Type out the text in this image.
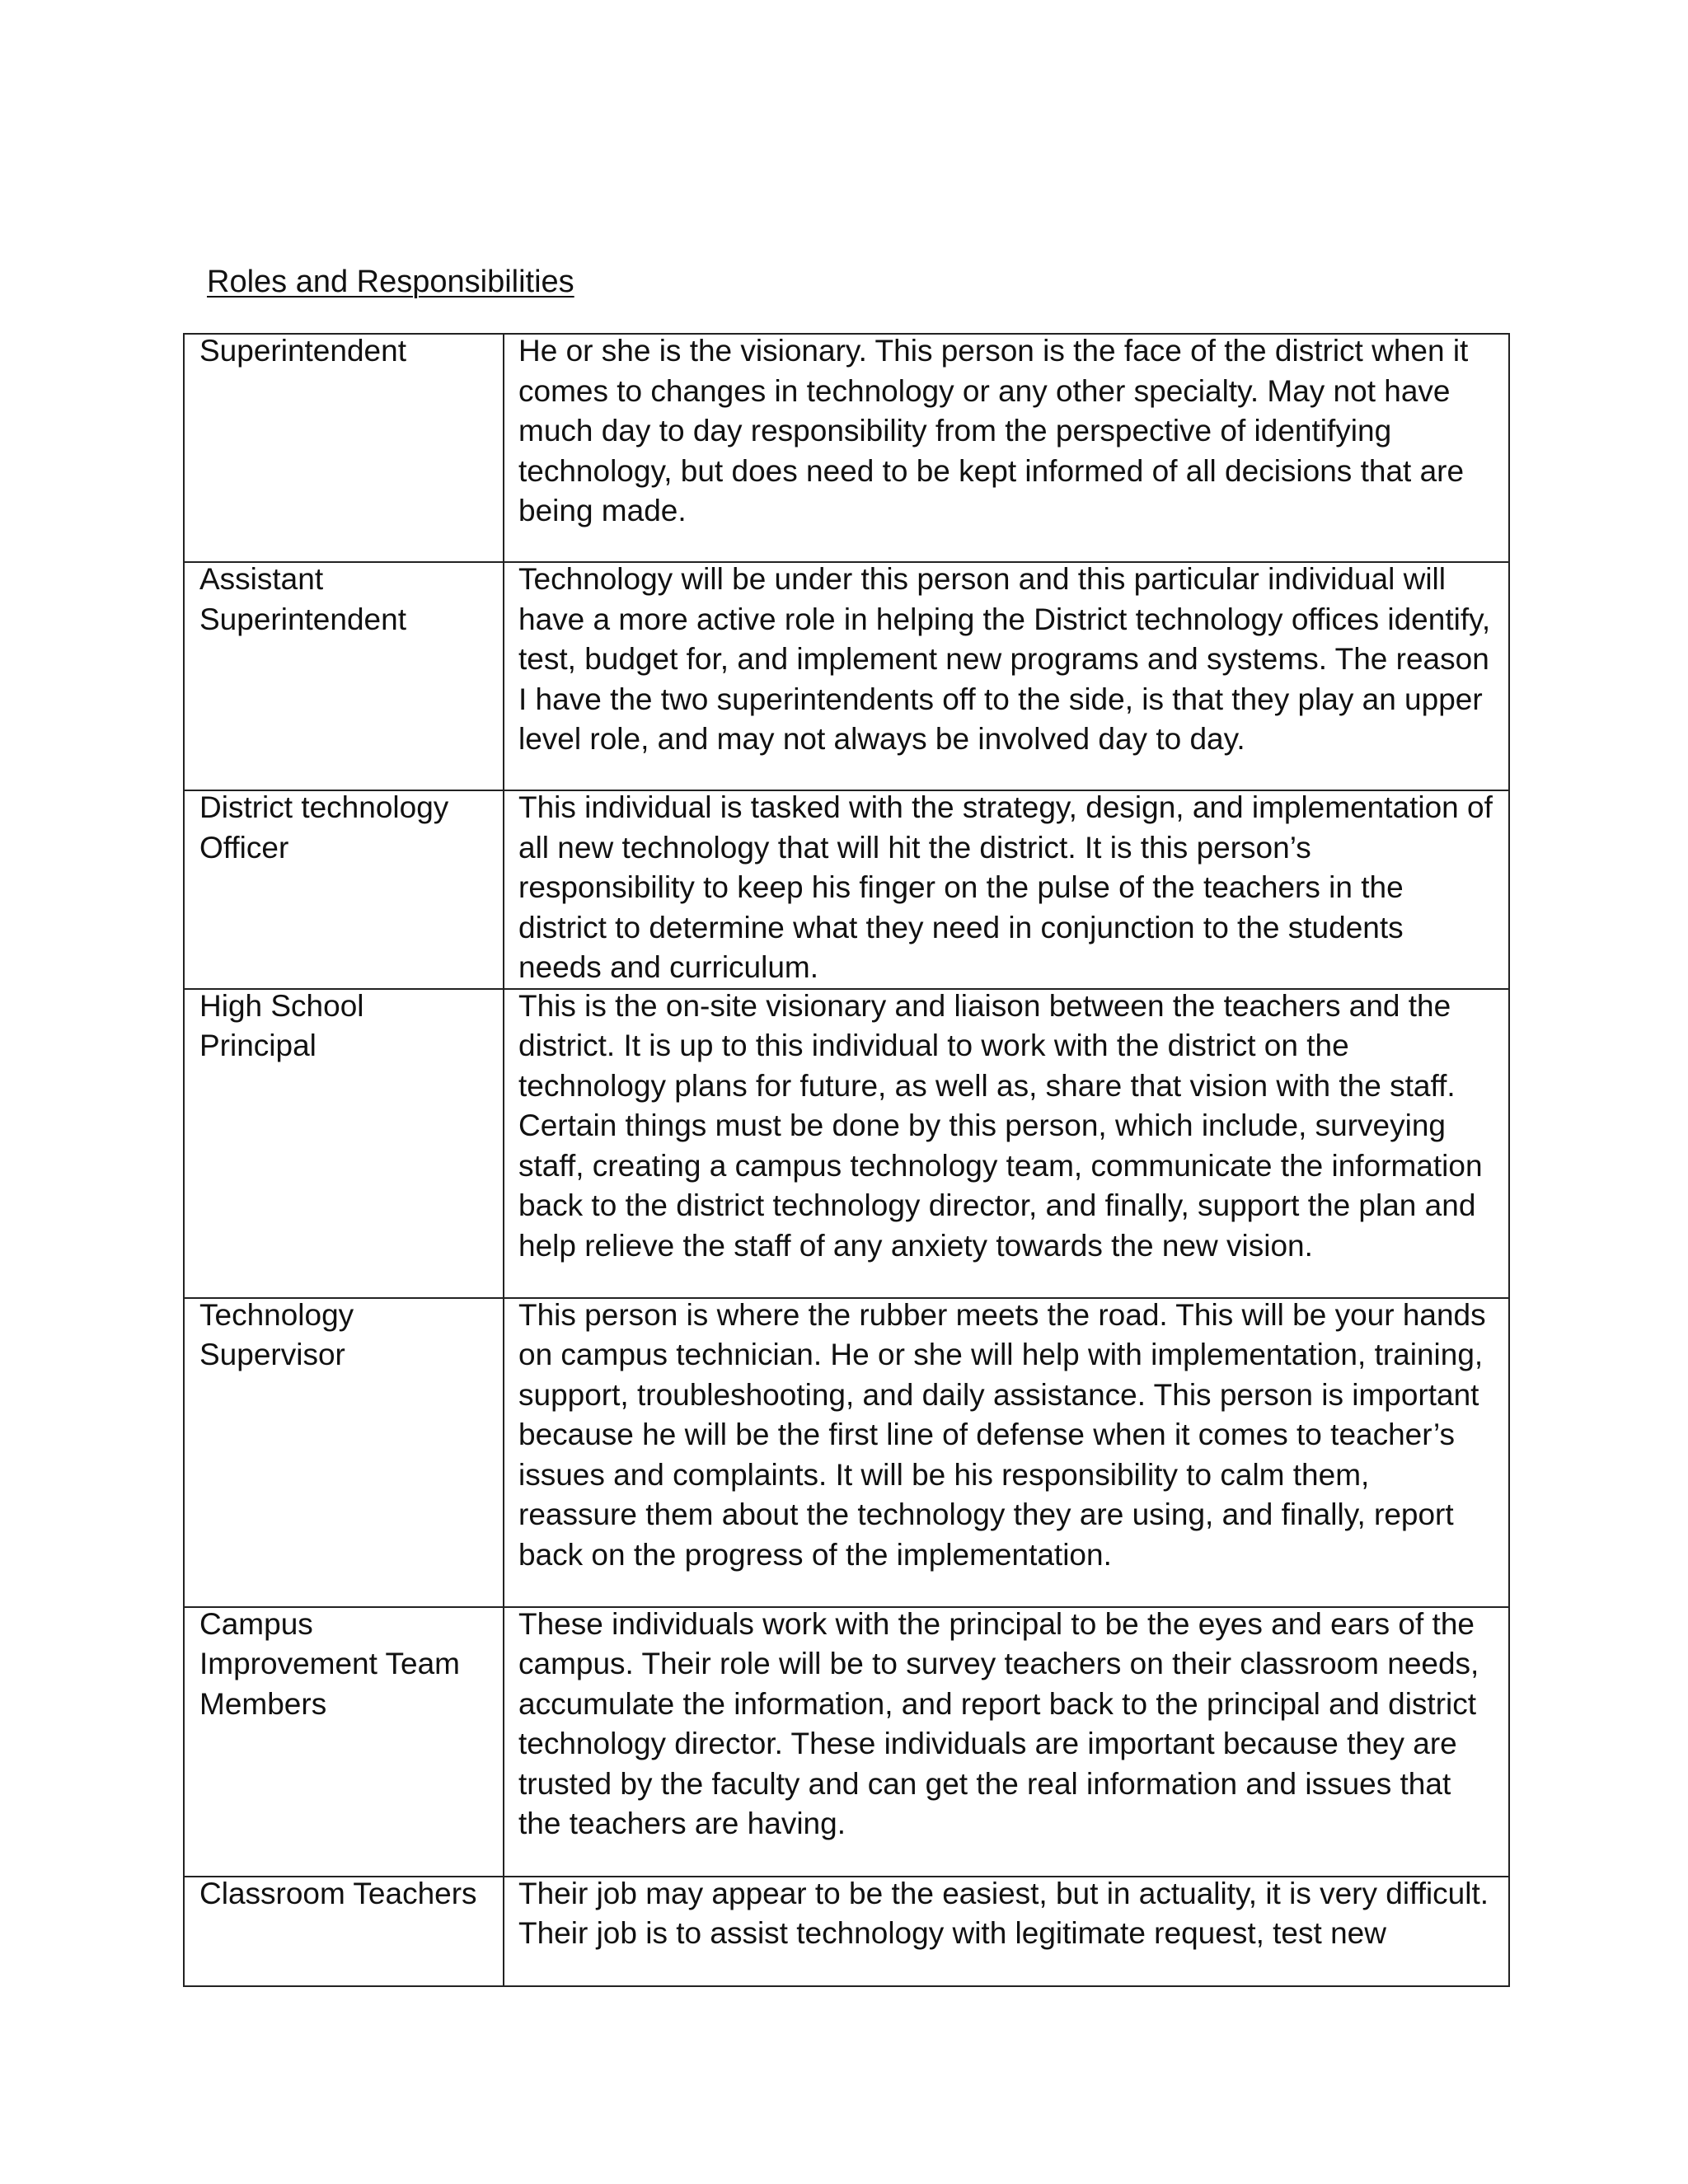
Roles and Responsibilities
Superintendent	He or she is the visionary. This person is the face of the district when it comes to changes in technology or any other specialty. May not have much day to day responsibility from the perspective of identifying technology, but does need to be kept informed of all decisions that are being made.

Assistant Superintendent	Technology will be under this person and this particular individual will have a more active role in helping the District technology offices identify, test, budget for, and implement new programs and systems. The reason I have the two superintendents off to the side, is that they play an upper level role, and may not always be involved day to day.

District technology Officer	This individual is tasked with the strategy, design, and implementation of all new technology that will hit the district. It is this person’s responsibility to keep his finger on the pulse of the teachers in the district to determine what they need in conjunction to the students needs and curriculum.

High School Principal	This is the on-site visionary and liaison between the teachers and the district. It is up to this individual to work with the district on the technology plans for future, as well as, share that vision with the staff. Certain things must be done by this person, which include, surveying staff, creating a campus technology team, communicate the information back to the district technology director, and finally, support the plan and help relieve the staff of any anxiety towards the new vision.

Technology Supervisor	This person is where the rubber meets the road. This will be your hands on campus technician. He or she will help with implementation, training, support, troubleshooting, and daily assistance. This person is important because he will be the first line of defense when it comes to teacher’s issues and complaints. It will be his responsibility to calm them, reassure them about the technology they are using, and finally, report back on the progress of the implementation.

Campus Improvement Team Members	These individuals work with the principal to be the eyes and ears of the campus. Their role will be to survey teachers on their classroom needs, accumulate the information, and report back to the principal and district technology director. These individuals are important because they are trusted by the faculty and can get the real information and issues that the teachers are having.

Classroom Teachers	Their job may appear to be the easiest, but in actuality, it is very difficult. Their job is to assist technology with legitimate request, test new
